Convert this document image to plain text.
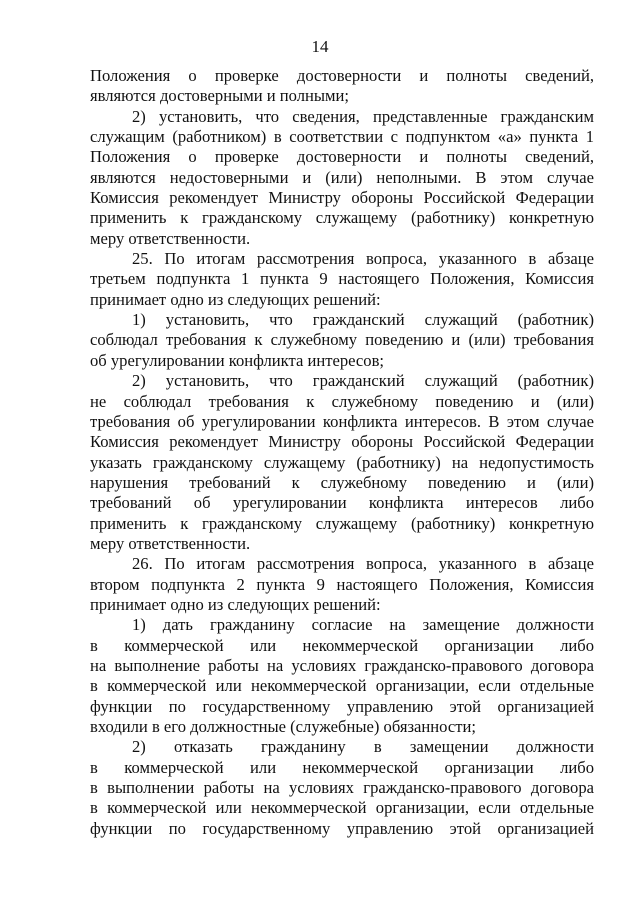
14
Положения о проверке достоверности и полноты сведений,
являются достоверными и полными;
2) установить, что сведения, представленные гражданским
служащим (работником) в соответствии с подпунктом «а» пункта 1
Положения о проверке достоверности и полноты сведений,
являются недостоверными и (или) неполными. В этом случае
Комиссия рекомендует Министру обороны Российской Федерации
применить к гражданскому служащему (работнику) конкретную
меру ответственности.
25. По итогам рассмотрения вопроса, указанного в абзаце
третьем подпункта 1 пункта 9 настоящего Положения, Комиссия
принимает одно из следующих решений:
1) установить, что гражданский служащий (работник)
соблюдал требования к служебному поведению и (или) требования
об урегулировании конфликта интересов;
2) установить, что гражданский служащий (работник)
не соблюдал требования к служебному поведению и (или)
требования об урегулировании конфликта интересов. В этом случае
Комиссия рекомендует Министру обороны Российской Федерации
указать гражданскому служащему (работнику) на недопустимость
нарушения требований к служебному поведению и (или)
требований об урегулировании конфликта интересов либо
применить к гражданскому служащему (работнику) конкретную
меру ответственности.
26. По итогам рассмотрения вопроса, указанного в абзаце
втором подпункта 2 пункта 9 настоящего Положения, Комиссия
принимает одно из следующих решений:
1) дать гражданину согласие на замещение должности
в коммерческой или некоммерческой организации либо
на выполнение работы на условиях гражданско-правового договора
в коммерческой или некоммерческой организации, если отдельные
функции по государственному управлению этой организацией
входили в его должностные (служебные) обязанности;
2) отказать гражданину в замещении должности
в коммерческой или некоммерческой организации либо
в выполнении работы на условиях гражданско-правового договора
в коммерческой или некоммерческой организации, если отдельные
функции по государственному управлению этой организацией
